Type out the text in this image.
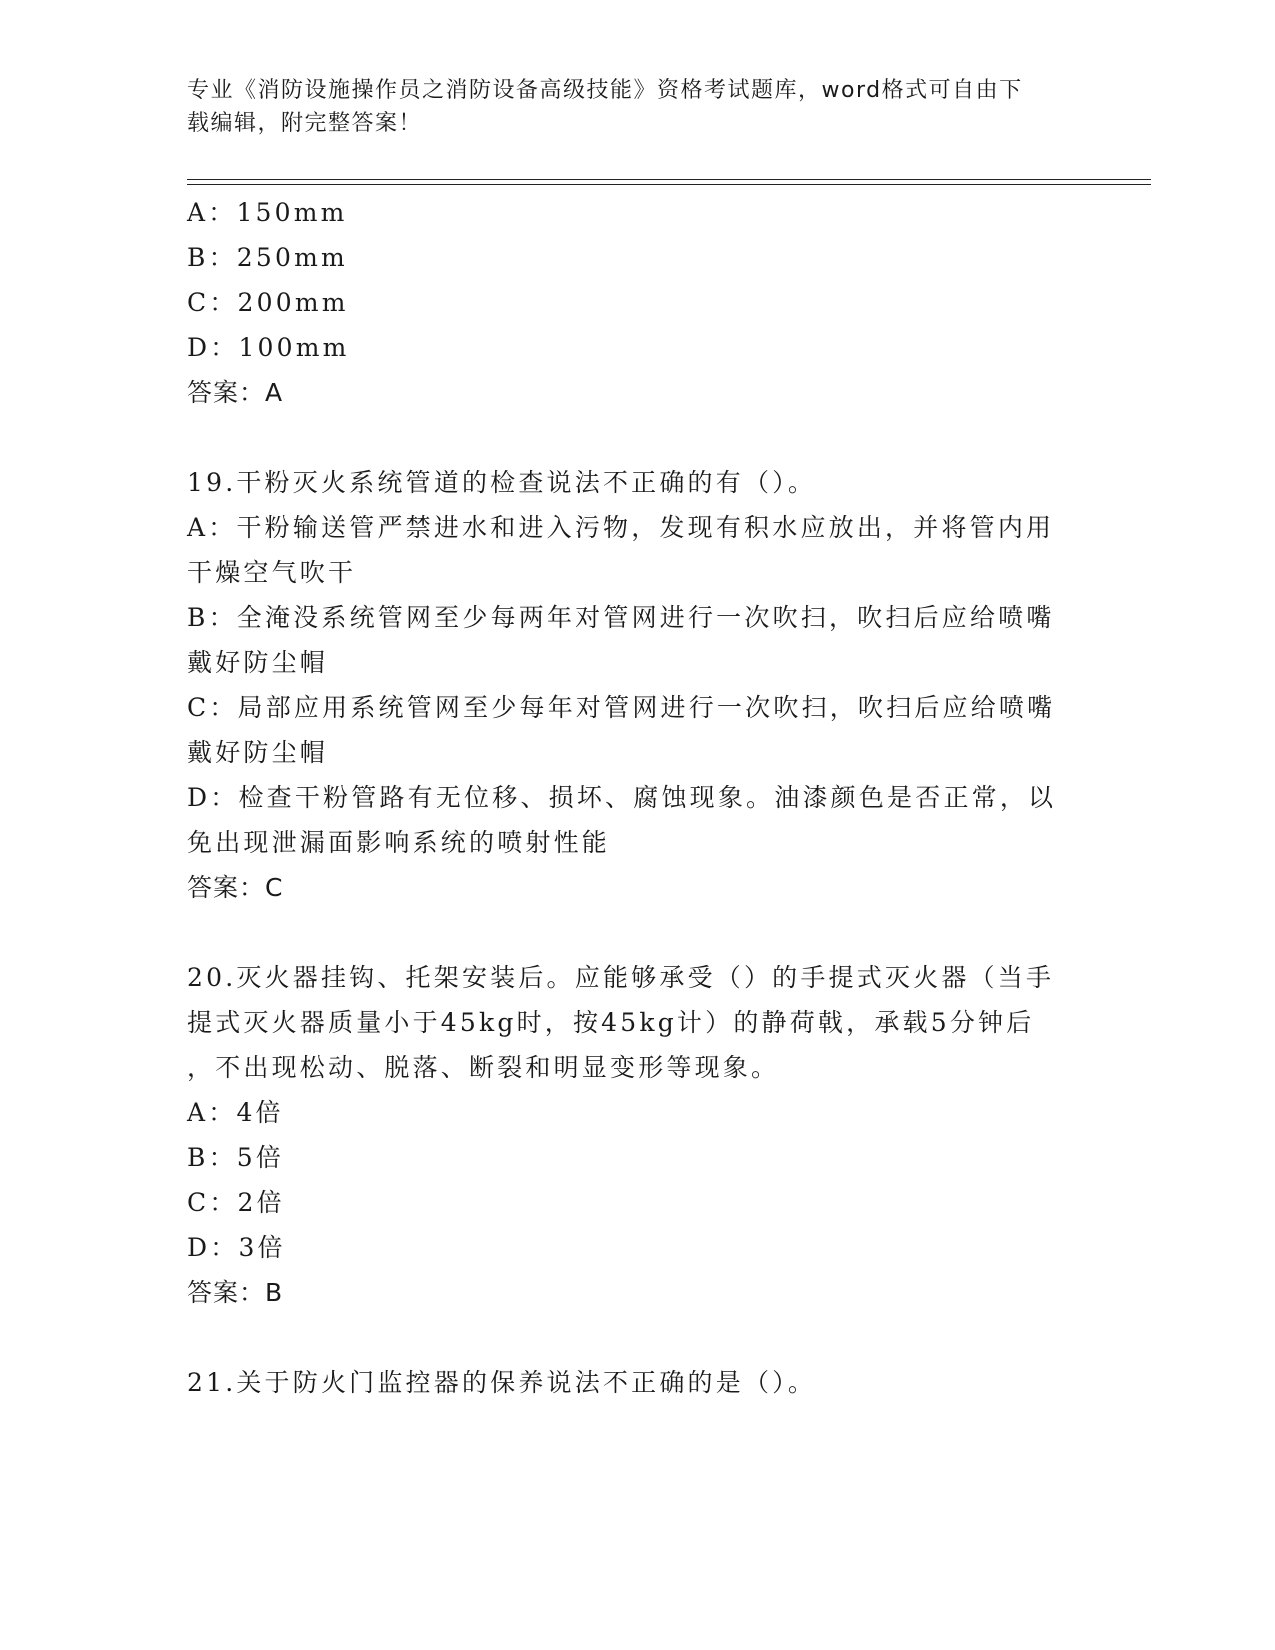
专业《消防设施操作员之消防设备高级技能》资格考试题库，word格式可自由下
载编辑，附完整答案！
A：150mm
B：250mm
C：200mm
D：100mm
答案：A
19.干粉灭火系统管道的检查说法不正确的有（）。
A：干粉输送管严禁进水和进入污物，发现有积水应放出，并将管内用
干燥空气吹干
B：全淹没系统管网至少每两年对管网进行一次吹扫，吹扫后应给喷嘴
戴好防尘帽
C：局部应用系统管网至少每年对管网进行一次吹扫，吹扫后应给喷嘴
戴好防尘帽
D：检查干粉管路有无位移、损坏、腐蚀现象。油漆颜色是否正常，以
免出现泄漏面影响系统的喷射性能
答案：C
20.灭火器挂钩、托架安装后。应能够承受（）的手提式灭火器（当手
提式灭火器质量小于45kg时，按45kg计）的静荷戟，承载5分钟后
，不出现松动、脱落、断裂和明显变形等现象。
A：4倍
B：5倍
C：2倍
D：3倍
答案：B
21.关于防火门监控器的保养说法不正确的是（）。
